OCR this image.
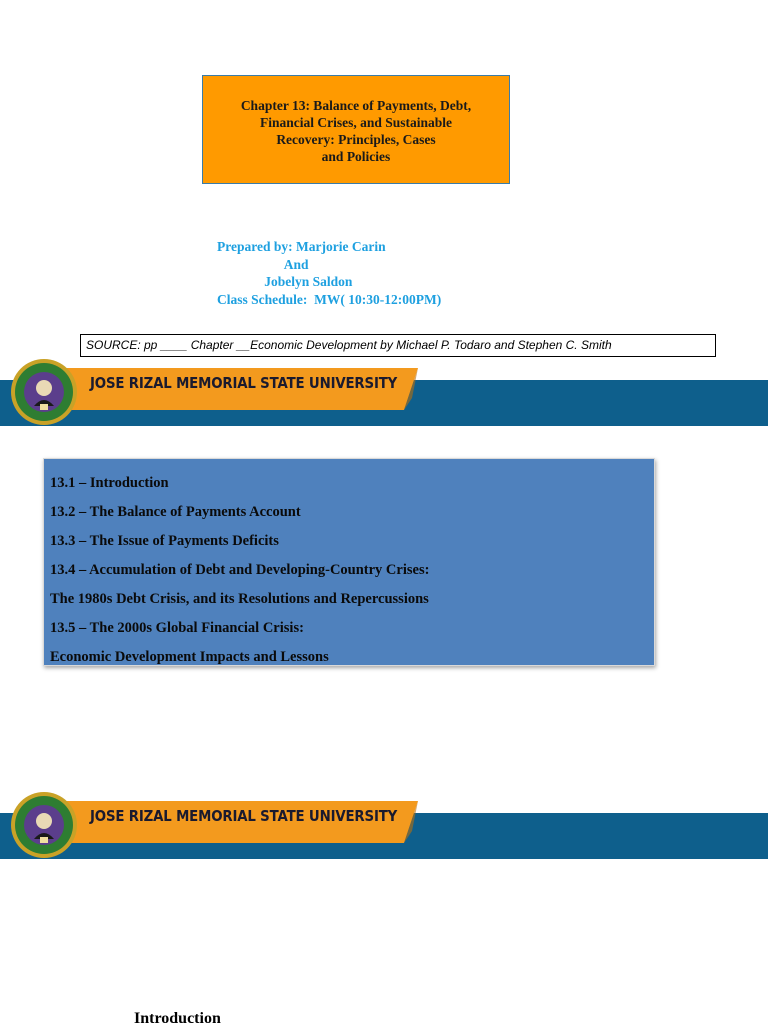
Chapter 13: Balance of Payments, Debt,
Financial Crises, and Sustainable
Recovery: Principles, Cases
and Policies
Prepared by: Marjorie Carin
And
Jobelyn Saldon
Class Schedule:  MW( 10:30-12:00PM)
SOURCE: pp ____ Chapter __Economic Development by Michael P. Todaro and Stephen C. Smith
JOSE RIZAL MEMORIAL STATE UNIVERSITY
13.1 – Introduction
13.2 – The Balance of Payments Account
13.3 – The Issue of Payments Deficits
13.4 – Accumulation of Debt and Developing-Country Crises:
The 1980s Debt Crisis, and its Resolutions and Repercussions
13.5 – The 2000s Global Financial Crisis:
Economic Development Impacts and Lessons
JOSE RIZAL MEMORIAL STATE UNIVERSITY
Introduction
